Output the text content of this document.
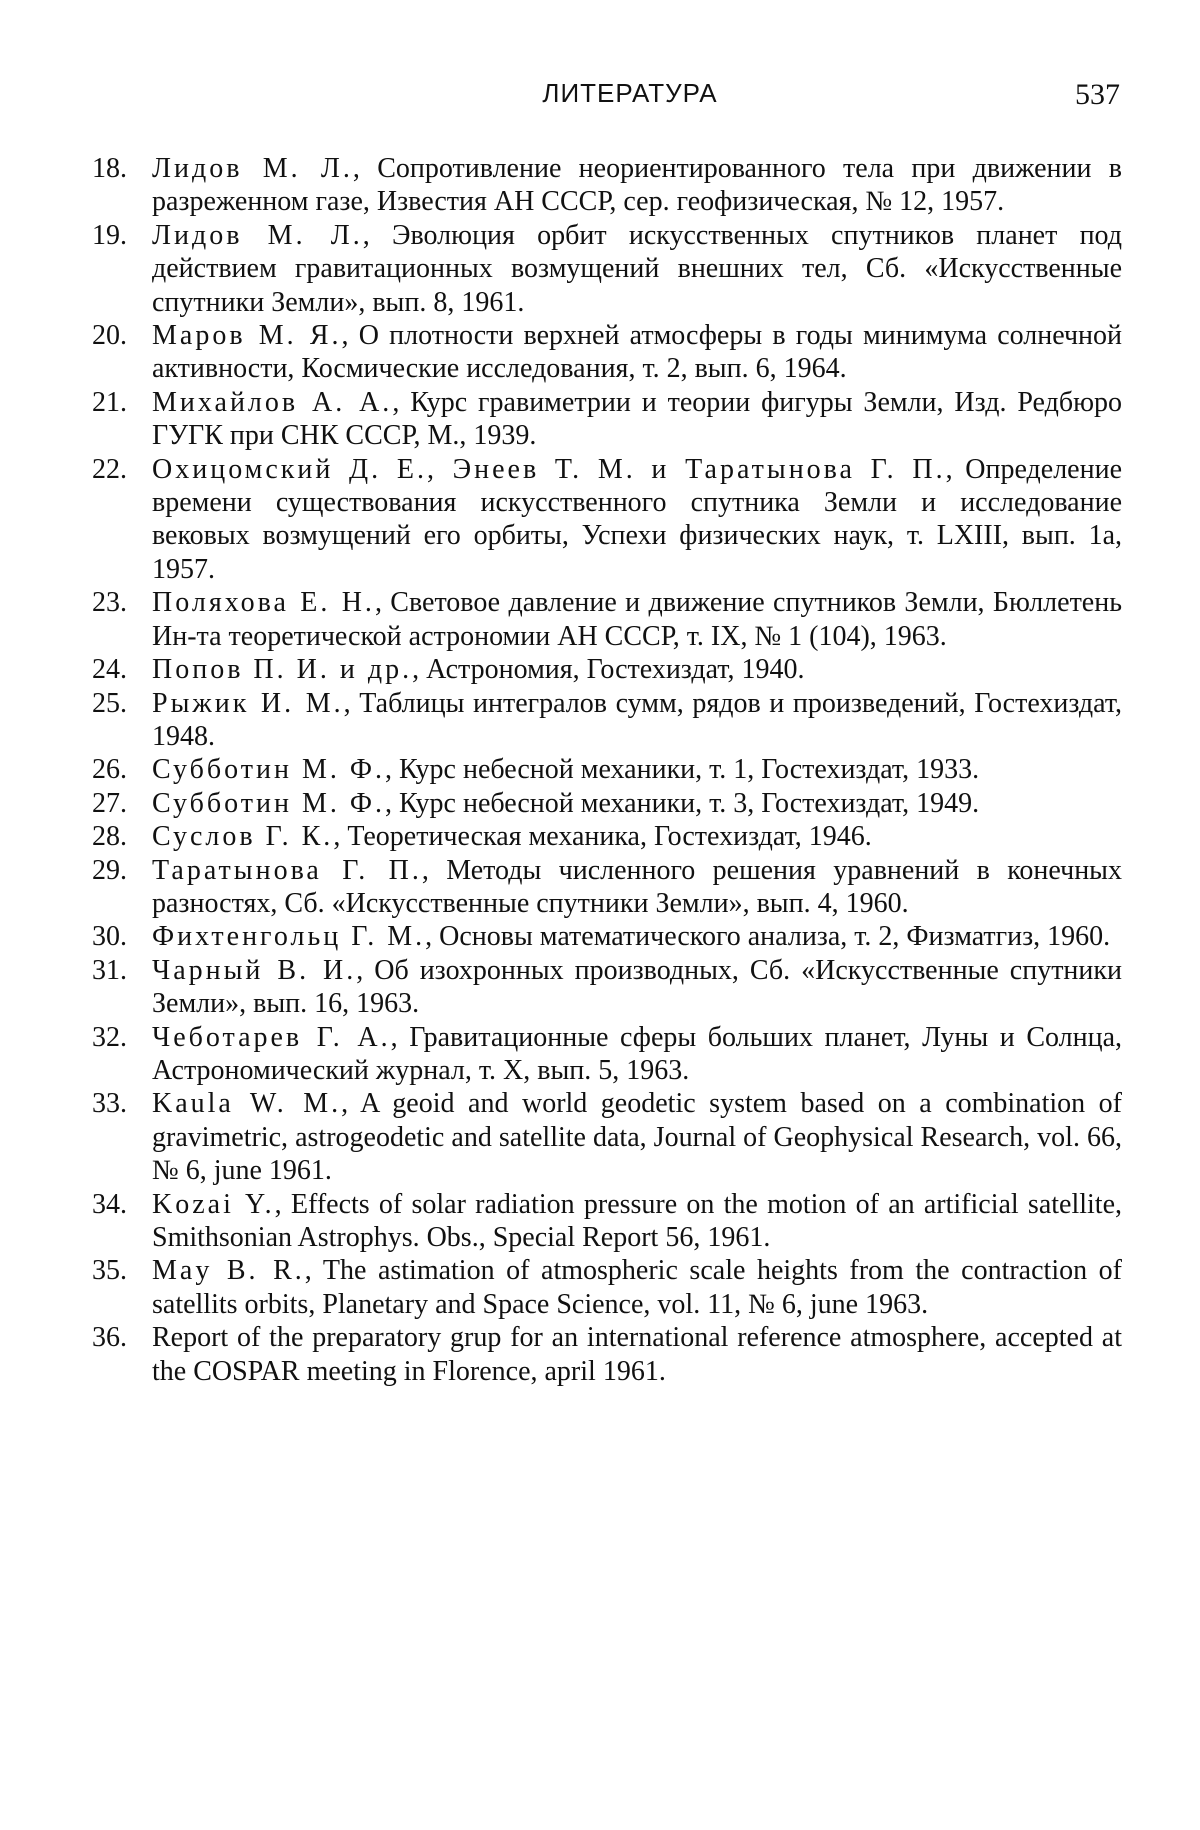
ЛИТЕРАТУРА	537
18. Лидов М. Л., Сопротивление неориентированного тела при движении в разреженном газе, Известия АН СССР, сер. геофизическая, № 12, 1957.
19. Лидов М. Л., Эволюция орбит искусственных спутников планет под действием гравитационных возмущений внешних тел, Сб. «Искусственные спутники Земли», вып. 8, 1961.
20. Маров М. Я., О плотности верхней атмосферы в годы минимума солнечной активности, Космические исследования, т. 2, вып. 6, 1964.
21. Михайлов А. А., Курс гравиметрии и теории фигуры Земли, Изд. Редбюро ГУГК при СНК СССР, М., 1939.
22. Охицомский Д. Е., Энеев Т. М. и Таратынова Г. П., Определение времени существования искусственного спутника Земли и исследование вековых возмущений его орбиты, Успехи физических наук, т. LXIII, вып. 1а, 1957.
23. Поляхова Е. Н., Световое давление и движение спутников Земли, Бюллетень Ин-та теоретической астрономии АН СССР, т. IX, № 1 (104), 1963.
24. Попов П. И. и др., Астрономия, Гостехиздат, 1940.
25. Рыжик И. М., Таблицы интегралов сумм, рядов и произведений, Гостехиздат, 1948.
26. Субботин М. Ф., Курс небесной механики, т. 1, Гостехиздат, 1933.
27. Субботин М. Ф., Курс небесной механики, т. 3, Гостехиздат, 1949.
28. Суслов Г. К., Теоретическая механика, Гостехиздат, 1946.
29. Таратынова Г. П., Методы численного решения уравнений в конечных разностях, Сб. «Искусственные спутники Земли», вып. 4, 1960.
30. Фихтенгольц Г. М., Основы математического анализа, т. 2, Физматгиз, 1960.
31. Чарный В. И., Об изохронных производных, Сб. «Искусственные спутники Земли», вып. 16, 1963.
32. Чеботарев Г. А., Гравитационные сферы больших планет, Луны и Солнца, Астрономический журнал, т. X, вып. 5, 1963.
33. Kaula W. M., A geoid and world geodetic system based on a combination of gravimetric, astrogeodetic and satellite data, Journal of Geophysical Research, vol. 66, № 6, june 1961.
34. Kozai Y., Effects of solar radiation pressure on the motion of an artificial satellite, Smithsonian Astrophys. Obs., Special Report 56, 1961.
35. May B. R., The astimation of atmospheric scale heights from the contraction of satellits orbits, Planetary and Space Science, vol. 11, № 6, june 1963.
36. Report of the preparatory grup for an international reference atmosphere, accepted at the COSPAR meeting in Florence, april 1961.
